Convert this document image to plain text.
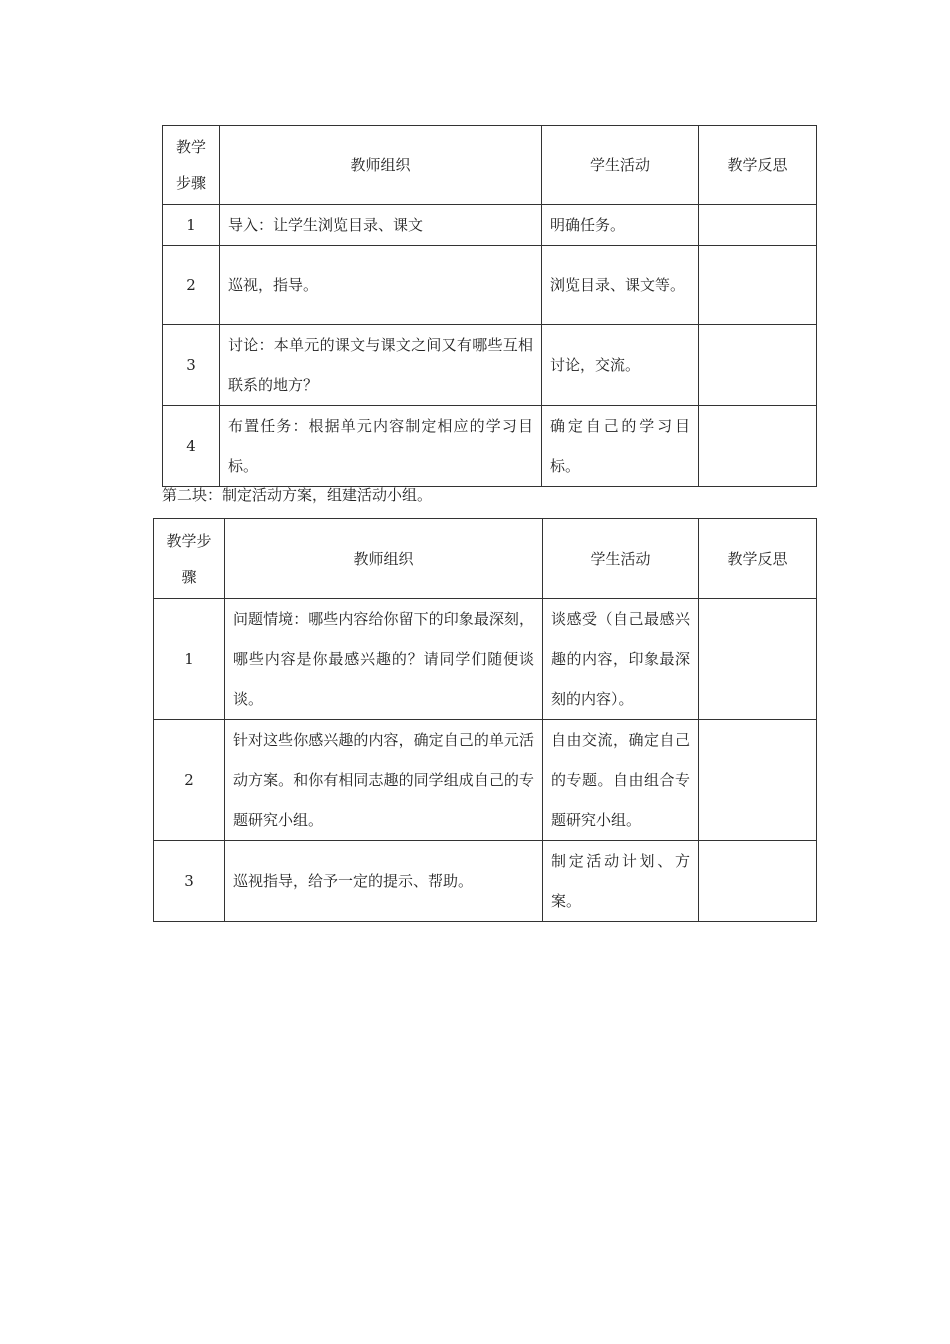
教学步骤	教师组织	学生活动	教学反思
1	导入：让学生浏览目录、课文	明确任务。	
2	巡视，指导。	浏览目录、课文等。	
3	讨论：本单元的课文与课文之间又有哪些互相联系的地方？	讨论，交流。	
4	布置任务：根据单元内容制定相应的学习目标。	确定自己的学习目标。	

第二块：制定活动方案，组建活动小组。

教学步骤	教师组织	学生活动	教学反思
1	问题情境：哪些内容给你留下的印象最深刻，哪些内容是你最感兴趣的？请同学们随便谈谈。	谈感受（自己最感兴趣的内容，印象最深刻的内容）。	
2	针对这些你感兴趣的内容，确定自己的单元活动方案。和你有相同志趣的同学组成自己的专题研究小组。	自由交流，确定自己的专题。自由组合专题研究小组。	
3	巡视指导，给予一定的提示、帮助。	制定活动计划、方案。	
